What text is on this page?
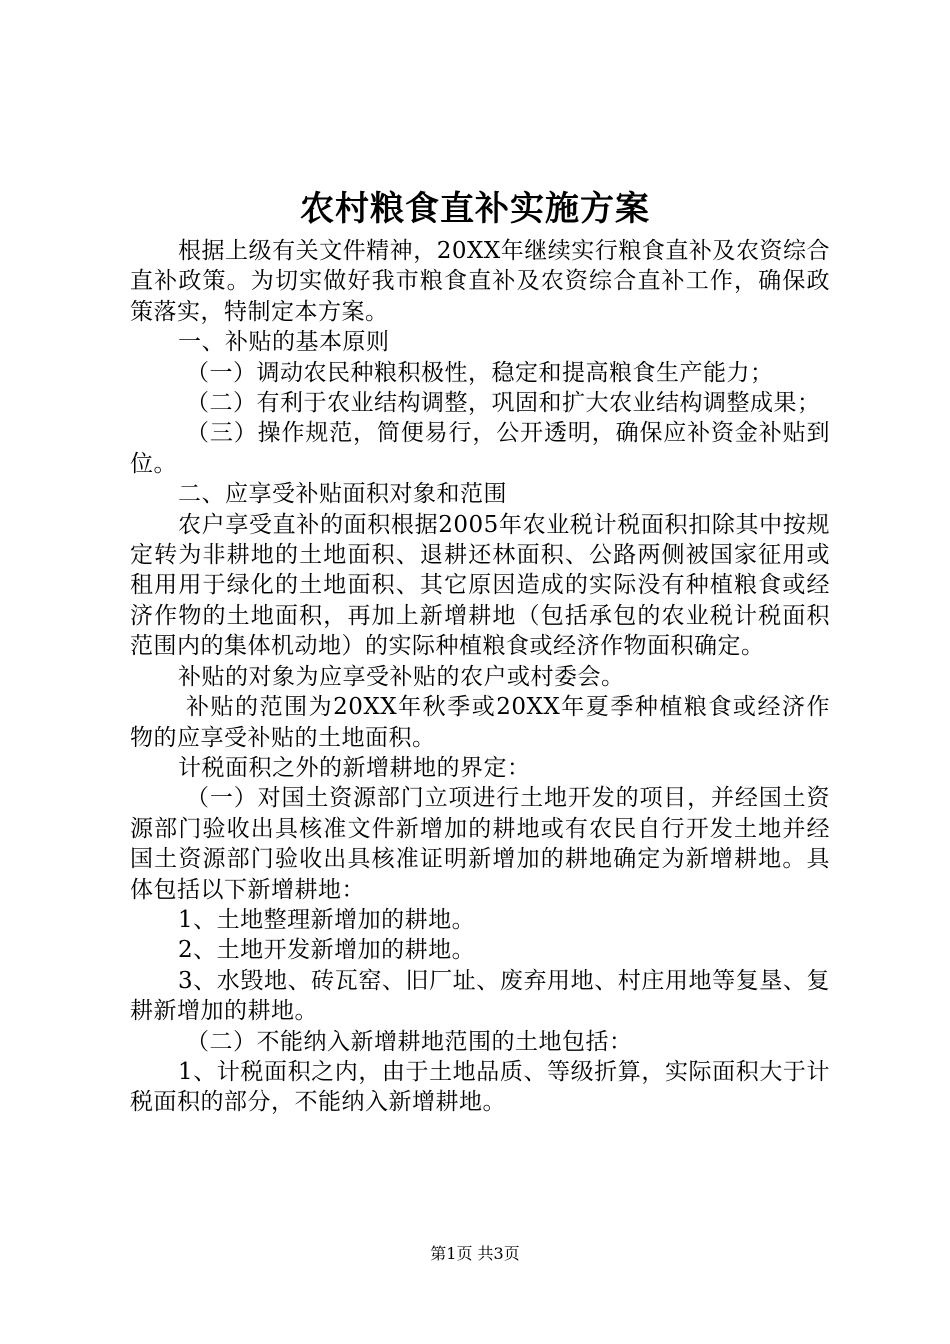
农村粮食直补实施方案

根据上级有关文件精神，20XX年继续实行粮食直补及农资综合直补政策。为切实做好我市粮食直补及农资综合直补工作，确保政策落实，特制定本方案。

一、补贴的基本原则

（一）调动农民种粮积极性，稳定和提高粮食生产能力；

（二）有利于农业结构调整，巩固和扩大农业结构调整成果；

（三）操作规范，简便易行，公开透明，确保应补资金补贴到位。

二、应享受补贴面积对象和范围

农户享受直补的面积根据2005年农业税计税面积扣除其中按规定转为非耕地的土地面积、退耕还林面积、公路两侧被国家征用或租用用于绿化的土地面积、其它原因造成的实际没有种植粮食或经济作物的土地面积，再加上新增耕地（包括承包的农业税计税面积范围内的集体机动地）的实际种植粮食或经济作物面积确定。

补贴的对象为应享受补贴的农户或村委会。

补贴的范围为20XX年秋季或20XX年夏季种植粮食或经济作物的应享受补贴的土地面积。

计税面积之外的新增耕地的界定：

（一）对国土资源部门立项进行土地开发的项目，并经国土资源部门验收出具核准文件新增加的耕地或有农民自行开发土地并经国土资源部门验收出具核准证明新增加的耕地确定为新增耕地。具体包括以下新增耕地：

1、土地整理新增加的耕地。

2、土地开发新增加的耕地。

3、水毁地、砖瓦窑、旧厂址、废弃用地、村庄用地等复垦、复耕新增加的耕地。

（二）不能纳入新增耕地范围的土地包括：

1、计税面积之内，由于土地品质、等级折算，实际面积大于计税面积的部分，不能纳入新增耕地。

第1页 共3页
